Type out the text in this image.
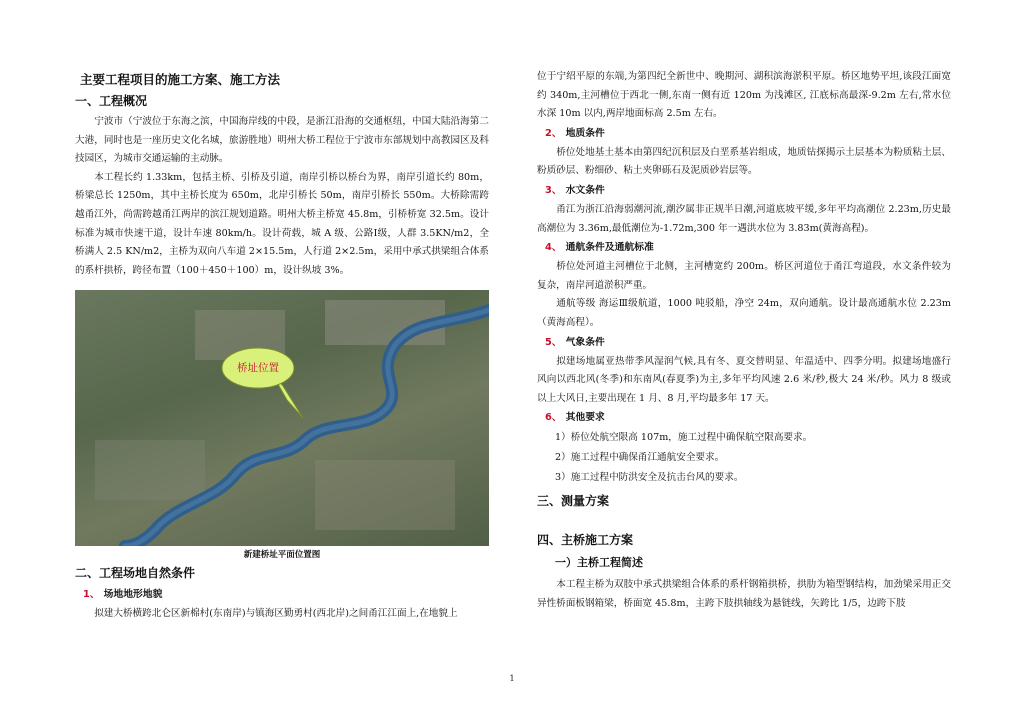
主要工程项目的施工方案、施工方法
一、工程概况

宁波市（宁波位于东海之滨，中国海岸线的中段，是浙江沿海的交通枢纽，中国大陆沿海第二大港，同时也是一座历史文化名城，旅游胜地）明州大桥工程位于宁波市东部规划中高教园区及科技园区，为城市交通运输的主动脉。

本工程长约 1.33km，包括主桥、引桥及引道，南岸引桥以桥台为界，南岸引道长约 80m，桥梁总长 1250m，其中主桥长度为 650m，北岸引桥长 50m，南岸引桥长 550m。大桥除需跨越甬江外，尚需跨越甬江两岸的滨江规划道路。明州大桥主桥宽 45.8m，引桥桥宽 32.5m。设计标准为城市快速干道，设计车速 80km/h。设计荷载，城 A 级、公路Ⅰ级，人群 3.5KN/m2，全桥满人 2.5 KN/m2，主桥为双向八车道 2×15.5m，人行道 2×2.5m，采用中承式拱梁组合体系的系杆拱桥，跨径布置（100＋450＋100）m，设计纵坡 3%。

桥址位置
新建桥址平面位置图
二、工程场地自然条件
1、 场地地形地貌

拟建大桥横跨北仑区新棉村(东南岸)与镇海区勤勇村(西北岸)之间甬江江面上,在地貌上

位于宁绍平原的东端,为第四纪全新世中、晚期河、湖积滨海淤积平原。桥区地势平坦,该段江面宽约 340m,主河槽位于西北一侧,东南一侧有近 120m 为浅滩区, 江底标高最深-9.2m 左右,常水位水深 10m 以内,两岸地面标高 2.5m 左右。

2、 地质条件

桥位处地基土基本由第四纪沉积层及白垩系基岩组成，地质钻探揭示土层基本为粉质粘土层、粉质砂层、粉细砂、粘土夹卵砾石及泥质砂岩层等。

3、 水文条件

甬江为浙江沿海弱潮河流,潮汐属非正规半日潮,河道底坡平缓,多年平均高潮位 2.23m,历史最高潮位为 3.36m,最低潮位为-1.72m,300 年一遇洪水位为 3.83m(黄海高程)。

4、 通航条件及通航标准

桥位处河道主河槽位于北侧，主河槽宽约 200m。桥区河道位于甬江弯道段，水文条件较为复杂，南岸河道淤积严重。

通航等级 海运Ⅲ级航道，1000 吨驳船，净空 24m，双向通航。设计最高通航水位 2.23m（黄海高程）。

5、 气象条件

拟建场地属亚热带季风湿润气候,具有冬、夏交替明显、年温适中、四季分明。拟建场地盛行风向以西北风(冬季)和东南风(春夏季)为主,多年平均风速 2.6 米/秒,极大 24 米/秒。风力 8 级或以上大风日,主要出现在 1 月、8 月,平均最多年 17 天。

6、 其他要求
1）桥位处航空限高 107m，施工过程中确保航空限高要求。
2）施工过程中确保甬江通航安全要求。
3）施工过程中防洪安全及抗击台风的要求。
三、测量方案
四、主桥施工方案
一）主桥工程简述

本工程主桥为双肢中承式拱梁组合体系的系杆钢箱拱桥，拱肋为箱型钢结构，加劲梁采用正交异性桥面板钢箱梁，桥面宽 45.8m，主跨下肢拱轴线为悬链线，矢跨比 1/5，边跨下肢

1
